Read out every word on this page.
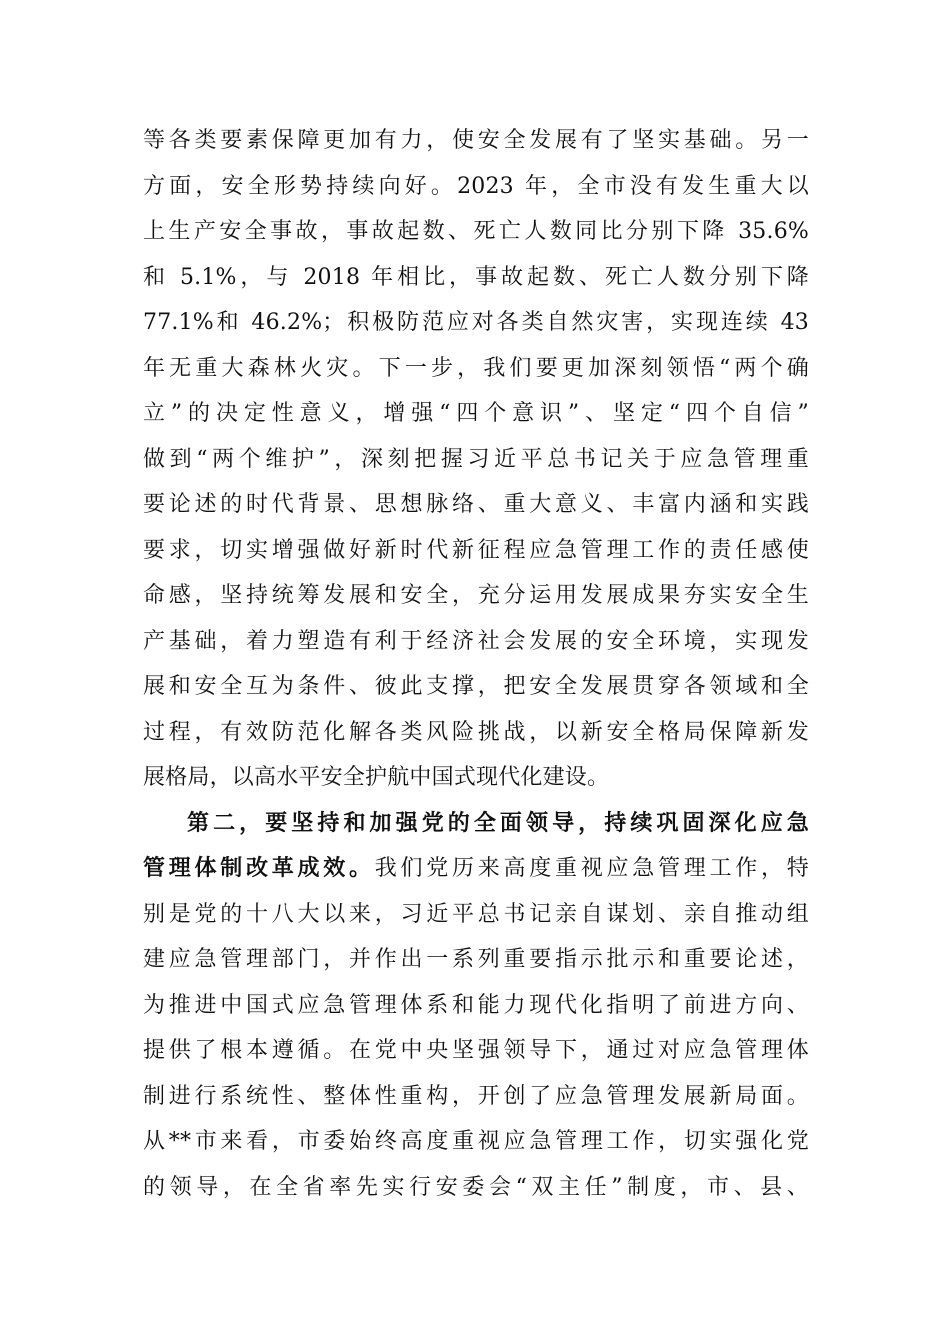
等各类要素保障更加有力，使安全发展有了坚实基础。另一
方面，安全形势持续向好。2023 年，全市没有发生重大以
上生产安全事故，事故起数、死亡人数同比分别下降 35.6%
和 5.1%，与 2018 年相比，事故起数、死亡人数分别下降
77.1%和 46.2%；积极防范应对各类自然灾害，实现连续 43
年无重大森林火灾。下一步，我们要更加深刻领悟“两个确
立”的决定性意义，增强“四个意识”、坚定“四个自信”
做到“两个维护”，深刻把握习近平总书记关于应急管理重
要论述的时代背景、思想脉络、重大意义、丰富内涵和实践
要求，切实增强做好新时代新征程应急管理工作的责任感使
命感，坚持统筹发展和安全，充分运用发展成果夯实安全生
产基础，着力塑造有利于经济社会发展的安全环境，实现发
展和安全互为条件、彼此支撑，把安全发展贯穿各领域和全
过程，有效防范化解各类风险挑战，以新安全格局保障新发
展格局，以高水平安全护航中国式现代化建设。
第二，要坚持和加强党的全面领导，持续巩固深化应急
管理体制改革成效。我们党历来高度重视应急管理工作，特
别是党的十八大以来，习近平总书记亲自谋划、亲自推动组
建应急管理部门，并作出一系列重要指示批示和重要论述，
为推进中国式应急管理体系和能力现代化指明了前进方向、
提供了根本遵循。在党中央坚强领导下，通过对应急管理体
制进行系统性、整体性重构，开创了应急管理发展新局面。
从**市来看，市委始终高度重视应急管理工作，切实强化党
的领导，在全省率先实行安委会“双主任”制度，市、县、
